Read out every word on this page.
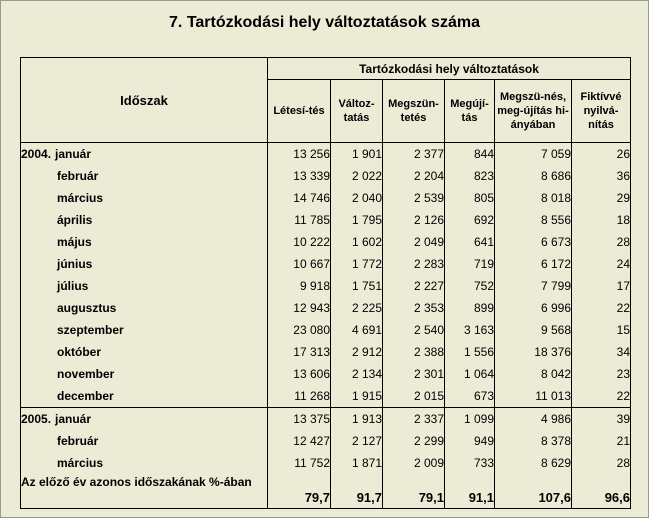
7. Tartózkodási hely változtatások száma
Időszak	Tartózkodási hely változtatások					
	Létesí-tés	Változ-tatás	Megszün-tetés	Megújí-tás	Megszü-nés, meg-újítás hi-ányában	Fiktívvé nyilvá-nítás
2004. január	13 256	1 901	2 377	844	7 059	26
február	13 339	2 022	2 204	823	8 686	36
március	14 746	2 040	2 539	805	8 018	29
április	11 785	1 795	2 126	692	8 556	18
május	10 222	1 602	2 049	641	6 673	28
június	10 667	1 772	2 283	719	6 172	24
július	9 918	1 751	2 227	752	7 799	17
augusztus	12 943	2 225	2 353	899	6 996	22
szeptember	23 080	4 691	2 540	3 163	9 568	15
október	17 313	2 912	2 388	1 556	18 376	34
november	13 606	2 134	2 301	1 064	8 042	23
december	11 268	1 915	2 015	673	11 013	22
2005. január	13 375	1 913	2 337	1 099	4 986	39
február	12 427	2 127	2 299	949	8 378	21
március	11 752	1 871	2 009	733	8 629	28
Az előző év azonos időszakának %-ában	79,7	91,7	79,1	91,1	107,6	96,6
